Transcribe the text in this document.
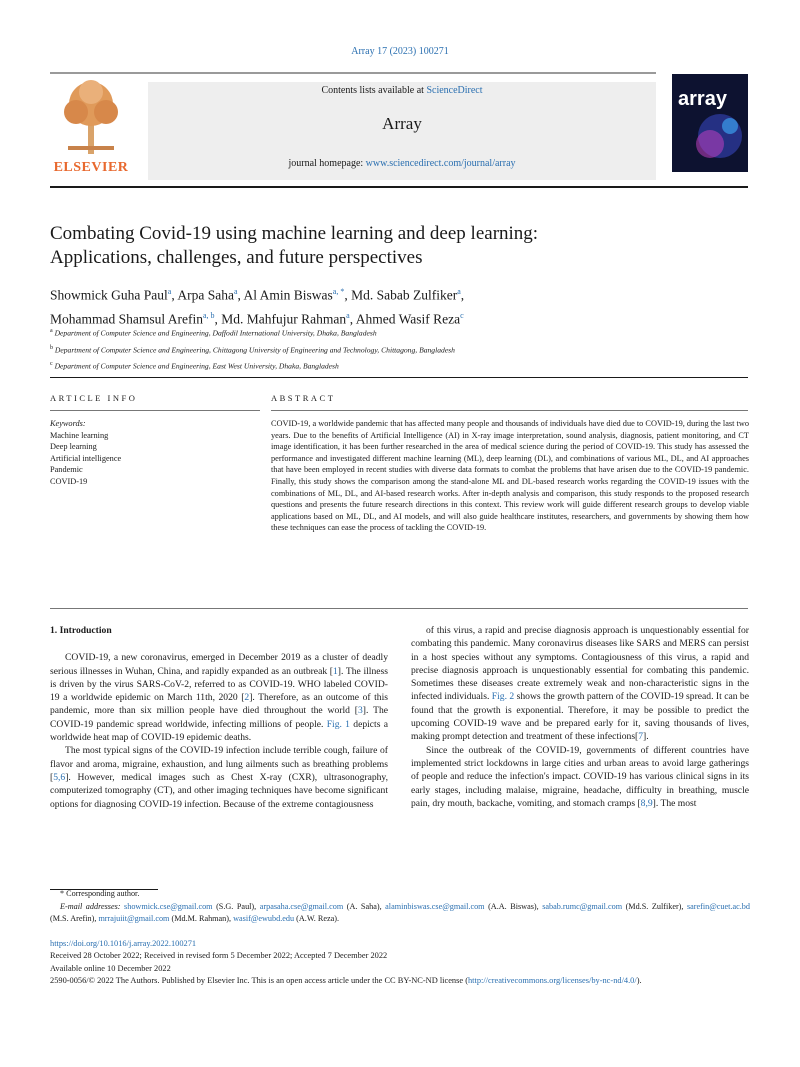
Array 17 (2023) 100271
ELSEVIER
Contents lists available at ScienceDirect
Array
journal homepage: www.sciencedirect.com/journal/array
array
Combating Covid-19 using machine learning and deep learning:
Applications, challenges, and future perspectives
Showmick Guha Paul$^a$, Arpa Saha$^a$, Al Amin Biswas$^{a, *}$, Md. Sabab Zulfiker$^a$,
Mohammad Shamsul Arefin$^{a, b}$, Md. Mahfujur Rahman$^a$, Ahmed Wasif Reza$^c$
$^a$ Department of Computer Science and Engineering, Daffodil International University, Dhaka, Bangladesh
$^b$ Department of Computer Science and Engineering, Chittagong University of Engineering and Technology, Chittagong, Bangladesh
$^c$ Department of Computer Science and Engineering, East West University, Dhaka, Bangladesh
ARTICLE INFO	ABSTRACT
Keywords:
Machine learning
Deep learning
Artificial intelligence
Pandemic
COVID-19
COVID-19, a worldwide pandemic that has affected many people and thousands of individuals have died due to COVID-19, during the last two years. Due to the benefits of Artificial Intelligence (AI) in X-ray image interpretation, sound analysis, diagnosis, patient monitoring, and CT image identification, it has been further researched in the area of medical science during the period of COVID-19. This study has assessed the performance and investigated different machine learning (ML), deep learning (DL), and combinations of various ML, DL, and AI approaches that have been employed in recent studies with diverse data formats to combat the problems that have arisen due to the COVID-19 pandemic. Finally, this study shows the comparison among the stand-alone ML and DL-based research works regarding the COVID-19 issues with the combinations of ML, DL, and AI-based research works. After in-depth analysis and comparison, this study responds to the proposed research questions and presents the future research directions in this context. This review work will guide different research groups to develop viable applications based on ML, DL, and AI models, and will also guide healthcare institutes, researchers, and governments by showing them how these techniques can ease the process of tackling the COVID-19.
1. Introduction

COVID-19, a new coronavirus, emerged in December 2019 as a cluster of deadly serious illnesses in Wuhan, China, and rapidly expanded as an outbreak [1]. The illness is driven by the virus SARS-CoV-2, referred to as COVID-19. WHO labeled COVID-19 a worldwide epidemic on March 11th, 2020 [2]. Therefore, as an outcome of this pandemic, more than six million people have died throughout the world [3]. The COVID-19 pandemic spread worldwide, infecting millions of people. Fig. 1 depicts a worldwide heat map of COVID-19 epidemic deaths.

The most typical signs of the COVID-19 infection include terrible cough, failure of flavor and aroma, migraine, exhaustion, and lung ailments such as breathing problems [5,6]. However, medical images such as Chest X-ray (CXR), ultrasonography, computerized tomography (CT), and other imaging techniques have become significant options for diagnosing COVID-19 infection. Because of the extreme contagiousness

of this virus, a rapid and precise diagnosis approach is unquestionably essential for combating this pandemic. Many coronavirus diseases like SARS and MERS can persist in a host species without any symptoms. Contagiousness of this virus, a rapid and precise diagnosis approach is unquestionably essential for combating this pandemic. Sometimes these diseases create extremely weak and non-characteristic signs in the infected individuals. Fig. 2 shows the growth pattern of the COVID-19 spread. It can be found that the growth is exponential. Therefore, it may be possible to predict the upcoming COVID-19 wave and be prepared early for it, saving thousands of lives, making prompt detection and treatment of these infections[7].

Since the outbreak of the COVID-19, governments of different countries have implemented strict lockdowns in large cities and urban areas to avoid large gatherings of people and reduce the infection's impact. COVID-19 has various clinical signs in its early stages, including malaise, migraine, headache, difficulty in breathing, muscle pain, dry mouth, backache, vomiting, and stomach cramps [8,9]. The most

* Corresponding author.
E-mail addresses: showmick.cse@gmail.com (S.G. Paul), arpasaha.cse@gmail.com (A. Saha), alaminbiswas.cse@gmail.com (A.A. Biswas), sabab.rumc@gmail.com (Md.S. Zulfiker), sarefin@cuet.ac.bd (M.S. Arefin), mrrajuiit@gmail.com (Md.M. Rahman), wasif@ewubd.edu (A.W. Reza).
https://doi.org/10.1016/j.array.2022.100271
Received 28 October 2022; Received in revised form 5 December 2022; Accepted 7 December 2022
Available online 10 December 2022
2590-0056/© 2022 The Authors. Published by Elsevier Inc. This is an open access article under the CC BY-NC-ND license (http://creativecommons.org/licenses/by-nc-nd/4.0/).
